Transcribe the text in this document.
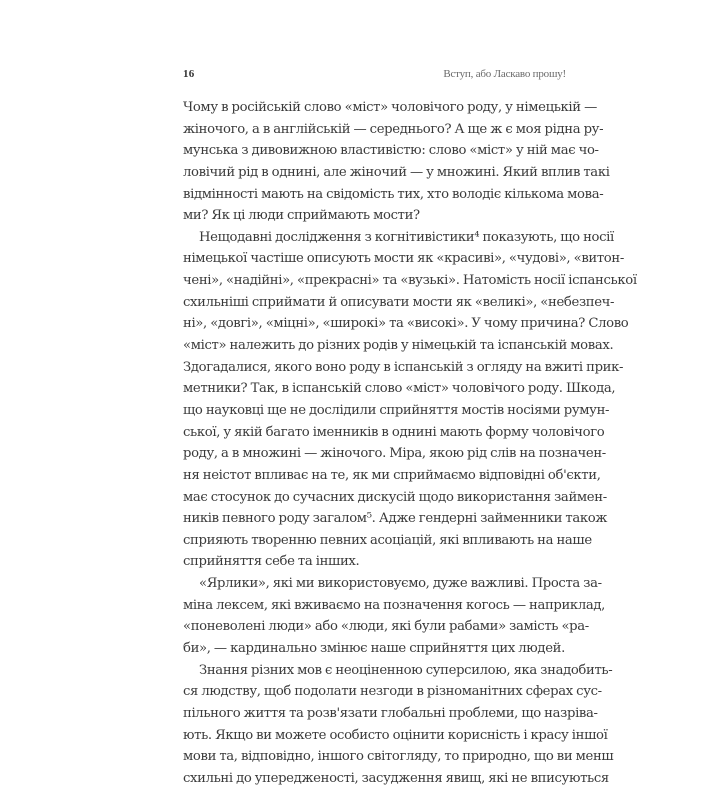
16	Вступ, або Ласкаво прошу!
Чому в російській слово «міст» чоловічого роду, у німецькій —
жіночого, а в англійській — середнього? А ще ж є моя рідна ру-
мунська з дивовижною властивістю: слово «міст» у ній має чо-
ловічий рід в однині, але жіночий — у множині. Який вплив такі
відмінності мають на свідомість тих, хто володіє кількома мова-
ми? Як ці люди сприймають мости?
Нещодавні дослідження з когнітивістики⁴ показують, що носії
німецької частіше описують мости як «красиві», «чудові», «витон-
чені», «надійні», «прекрасні» та «вузькі». Натомість носії іспанської
схильніші сприймати й описувати мости як «великі», «небезпеч-
ні», «довгі», «міцні», «широкі» та «високі». У чому причина? Слово
«міст» належить до різних родів у німецькій та іспанській мовах.
Здогадалися, якого воно роду в іспанській з огляду на вжиті прик-
метники? Так, в іспанській слово «міст» чоловічого роду. Шкода,
що науковці ще не дослідили сприйняття мостів носіями румун-
ської, у якій багато іменників в однині мають форму чоловічого
роду, а в множині — жіночого. Міра, якою рід слів на позначен-
ня неістот впливає на те, як ми сприймаємо відповідні об'єкти,
має стосунок до сучасних дискусій щодо використання займен-
ників певного роду загалом⁵. Адже гендерні займенники також
сприяють творенню певних асоціацій, які впливають на наше
сприйняття себе та інших.
«Ярлики», які ми використовуємо, дуже важливі. Проста за-
міна лексем, які вживаємо на позначення когось — наприклад,
«поневолені люди» або «люди, які були рабами» замість «ра-
би», — кардинально змінює наше сприйняття цих людей.
Знання різних мов є неоціненною суперсилою, яка знадобить-
ся людству, щоб подолати незгоди в різноманітних сферах сус-
пільного життя та розв'язати глобальні проблеми, що назріва-
ють. Якщо ви можете особисто оцінити корисність і красу іншої
мови та, відповідно, іншого світогляду, то природно, що ви менш
схильні до упередженості, засудження явищ, які не вписуються
